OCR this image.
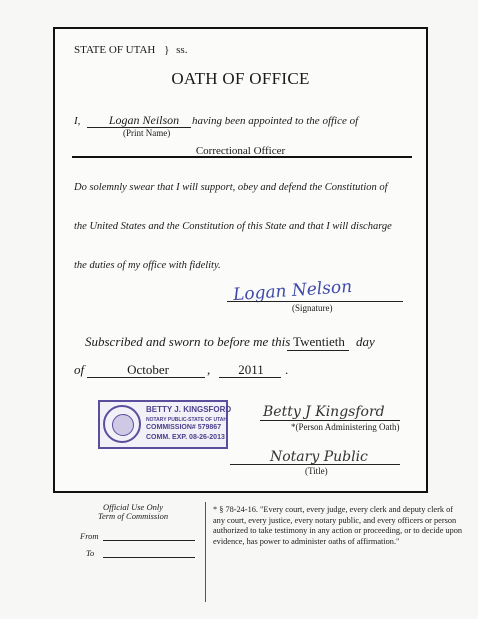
STATE OF UTAH } ss.
OATH OF OFFICE
I,	Logan Neilson
(Print Name)
having been appointed to the office of
Correctional Officer
Do solemnly swear that I will support, obey and defend the Constitution of
the United States and the Constitution of this State and that I will discharge
the duties of my office with fidelity.
Logan Nelson
(Signature)
Subscribed and sworn to before me this Twentieth day
of	October	,	2011	.
BETTY J. KINGSFORD
NOTARY PUBLIC-STATE OF UTAH
COMMISSION# 579867
COMM. EXP. 08-26-2013
Betty J Kingsford
*(Person Administering Oath)
Notary Public
(Title)
Official Use Only
Term of Commission
From
To
* § 78-24-16. "Every court, every judge, every clerk and deputy clerk of any court, every justice, every notary public, and every officers or person authorized to take testimony in any action or proceeding, or to decide upon evidence, has power to administer oaths of affirmation."
